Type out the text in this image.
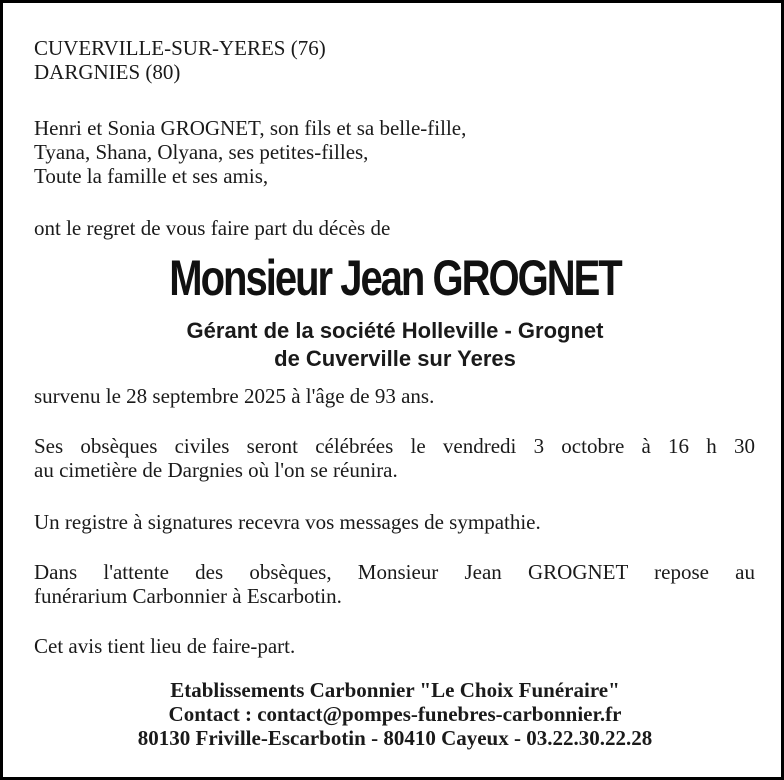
CUVERVILLE-SUR-YERES (76)
DARGNIES (80)
Henri et Sonia GROGNET, son fils et sa belle-fille,
Tyana, Shana, Olyana, ses petites-filles,
Toute la famille et ses amis,
ont le regret de vous faire part du décès de
Monsieur Jean GROGNET
Gérant de la société Holleville - Grognet
de Cuverville sur Yeres
survenu le 28 septembre 2025 à l'âge de 93 ans.
Ses obsèques civiles seront célébrées le vendredi 3 octobre à 16 h 30
au cimetière de Dargnies où l'on se réunira.
Un registre à signatures recevra vos messages de sympathie.
Dans l'attente des obsèques, Monsieur Jean GROGNET repose au
funérarium Carbonnier à Escarbotin.
Cet avis tient lieu de faire-part.
Etablissements Carbonnier "Le Choix Funéraire"
Contact : contact@pompes-funebres-carbonnier.fr
80130 Friville-Escarbotin - 80410 Cayeux - 03.22.30.22.28
